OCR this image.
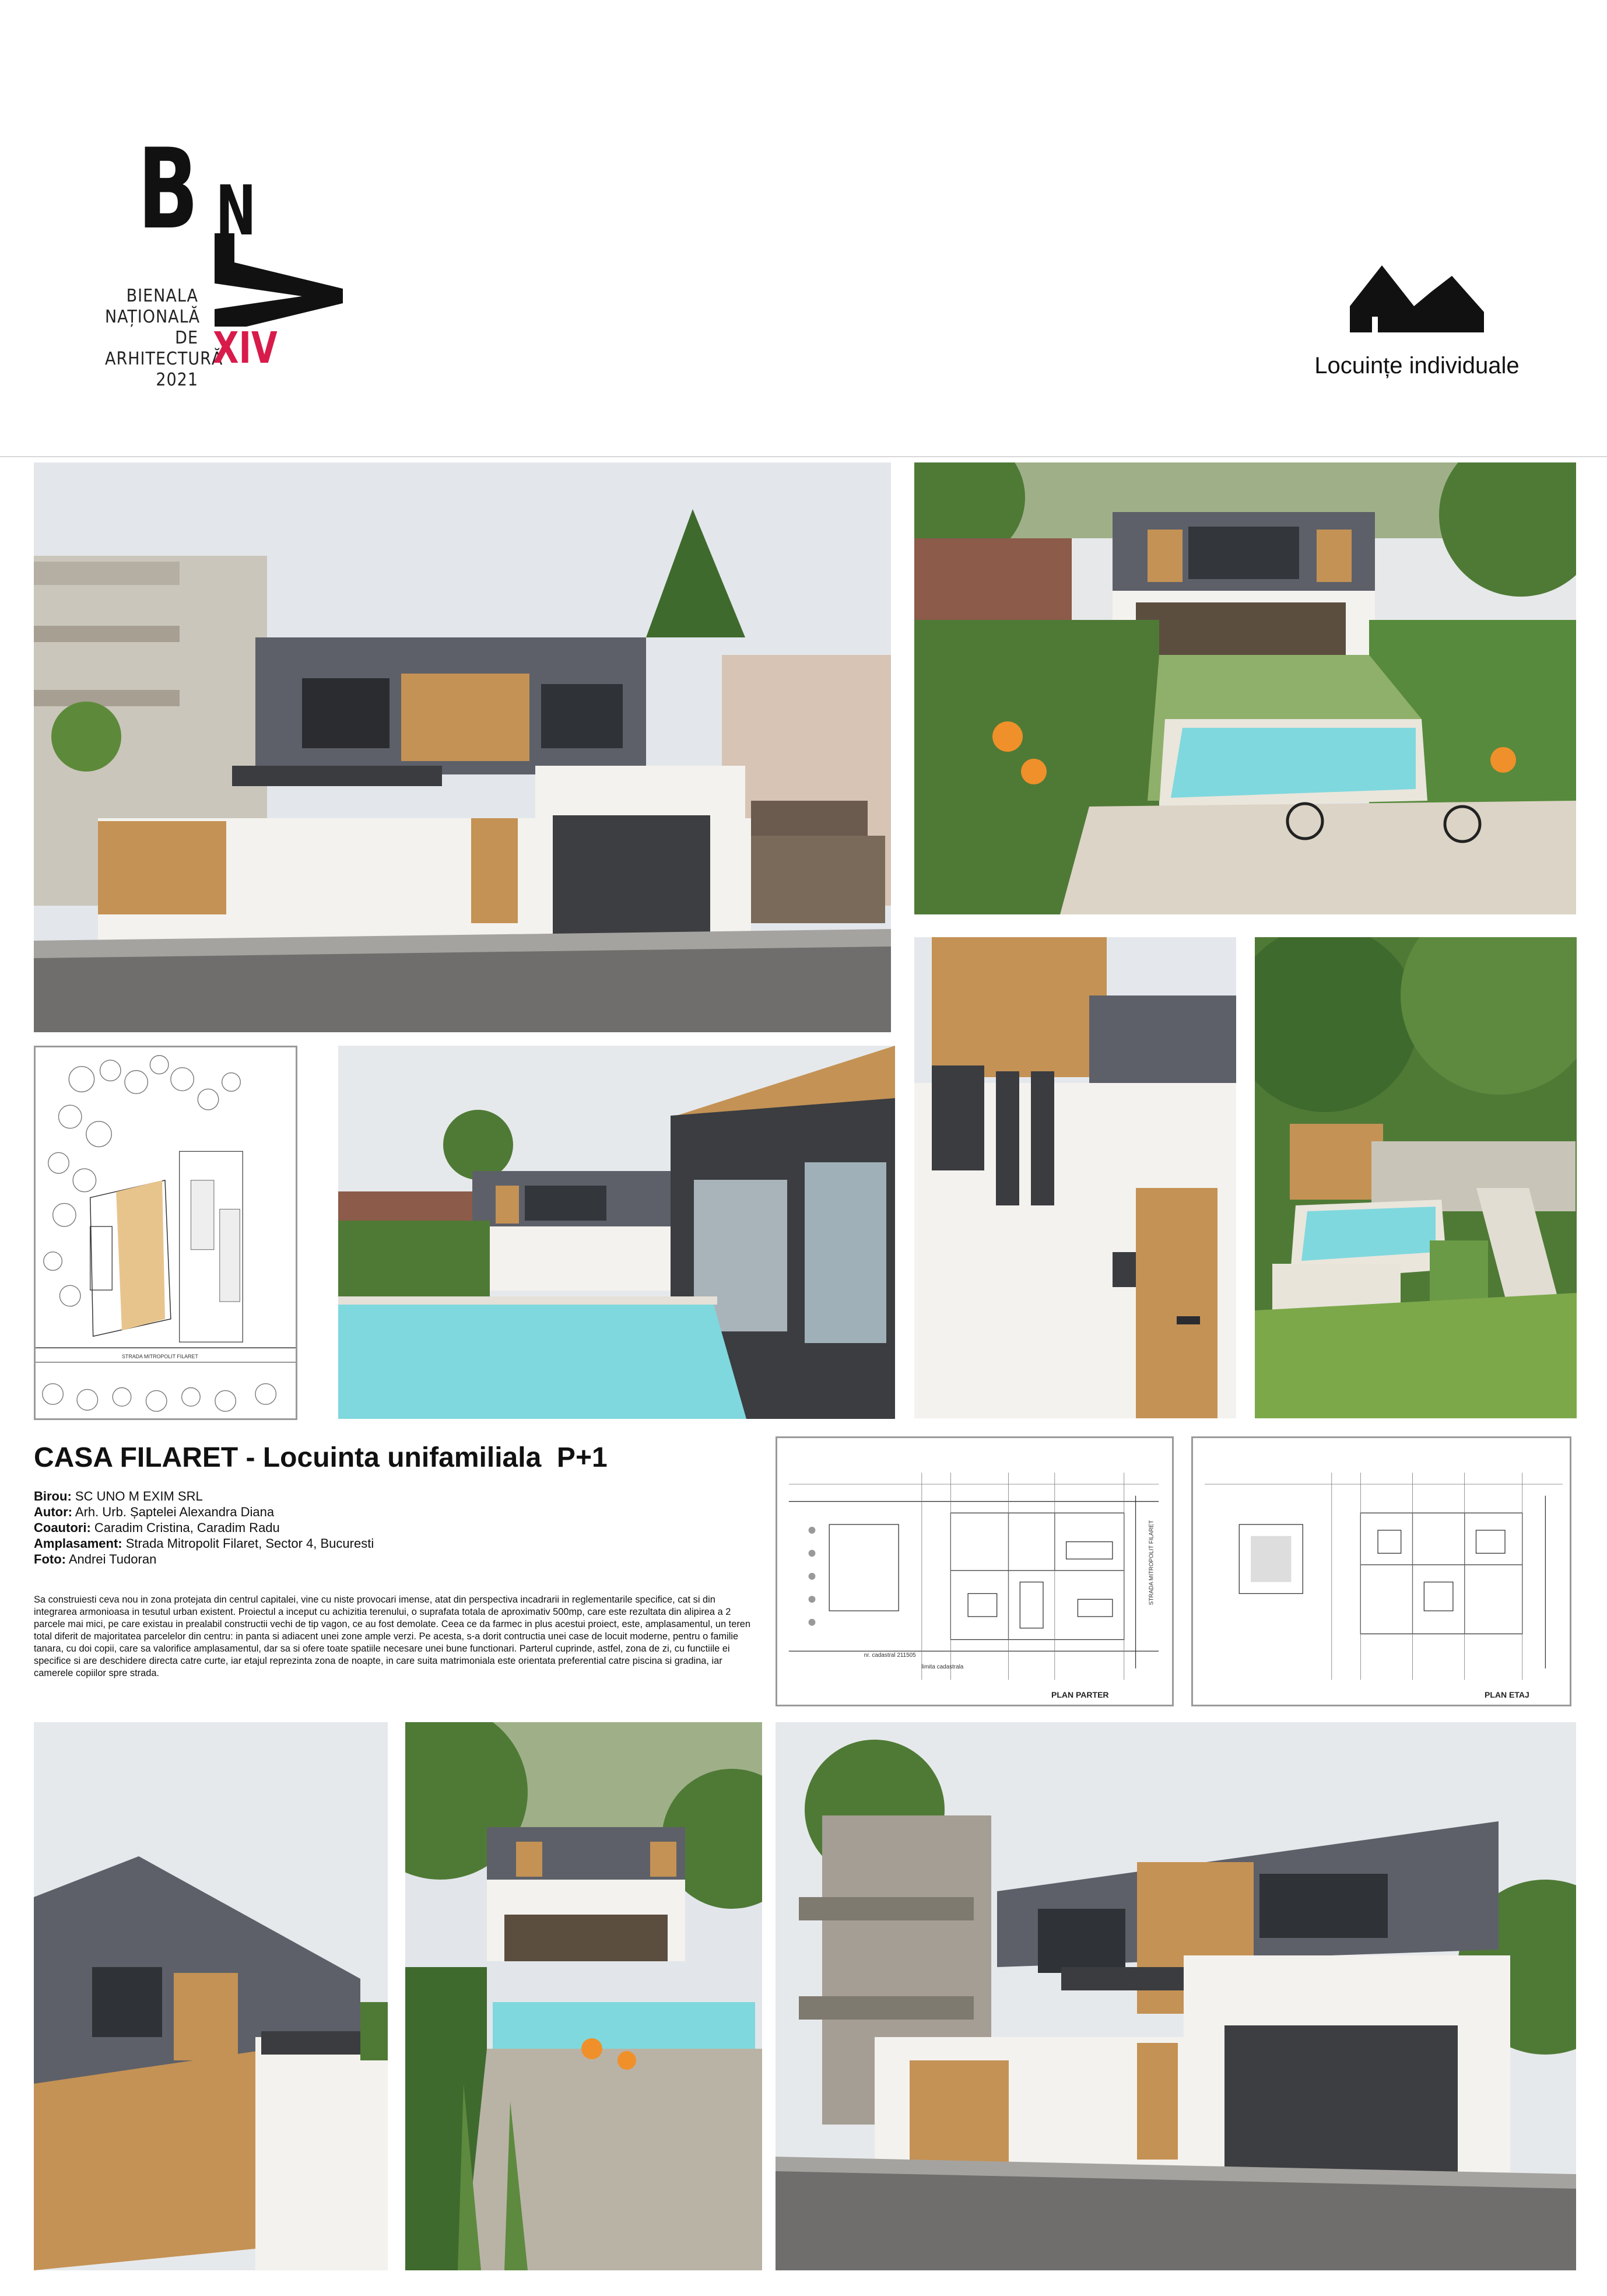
B N
BIENALA
NAȚIONALĂ
DE
ARHITECTURĂ
2021
XIV	Locuințe individuale
STRADA MITROPOLIT FILARET
CASA FILARET - Locuinta unifamiliala  P+1
Birou: SC UNO M EXIM SRL
Autor: Arh. Urb. Șaptelei Alexandra Diana
Coautori: Caradim Cristina, Caradim Radu
Amplasament: Strada Mitropolit Filaret, Sector 4, Bucuresti
Foto: Andrei Tudoran
Sa construiesti ceva nou in zona protejata din centrul capitalei, vine cu niste provocari imense, atat din perspectiva incadrarii in reglementarile specifice, cat si din integrarea armonioasa in tesutul urban existent. Proiectul a inceput cu achizitia terenului, o suprafata totala de aproximativ 500mp, care este rezultata din alipirea a 2 parcele mai mici, pe care existau in prealabil constructii vechi de tip vagon, ce au fost demolate. Ceea ce da farmec in plus acestui proiect, este, amplasamentul, un teren total diferit de majoritatea parcelelor din centru: in panta si adiacent unei zone ample verzi. Pe acesta, s-a dorit contructia unei case de locuit moderne, pentru o familie tanara, cu doi copii, care sa valorifice amplasamentul, dar sa si ofere toate spatiile necesare unei bune functionari. Parterul cuprinde, astfel, zona de zi, cu functiile ei specifice si are deschidere directa catre curte, iar etajul reprezinta zona de noapte, in care suita matrimoniala este orientata preferential catre piscina si gradina, iar camerele copiilor spre strada.
nr. cadastral 211505
limita cadastrala
STRADA MITROPOLIT FILARET
PLAN PARTER	PLAN ETAJ
